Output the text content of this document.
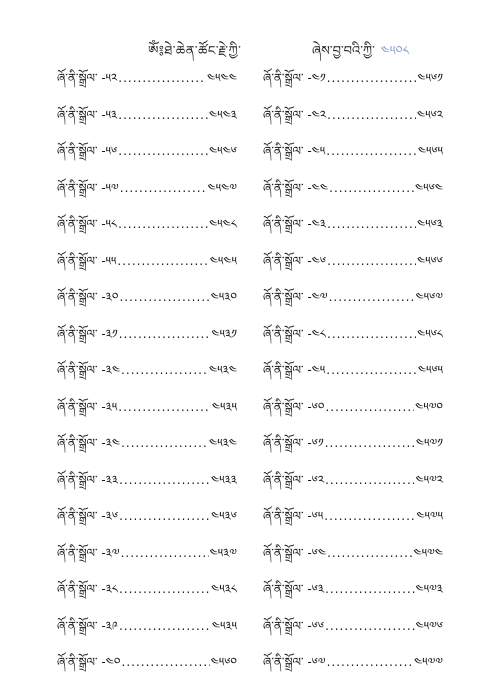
ༀ༔ཐེ་ཆེན་ཚོང་རྗེ་ཀྱི་	ཞེས་བྱ་བའི་ཀྱི་ ༤༥༠༨
ཞོ་ནི་སྒྲོལ་ -༥༢ .....	༤༥༤༤
ཞོ་ནི་སྒྲོལ་ -༥༣ .....	༤༥༤༣
ཞོ་ནི་སྒྲོལ་ -༥༦ .....	༤༥༤༦
ཞོ་ནི་སྒྲོལ་ -༥༧ .....	༤༥༤༧
ཞོ་ནི་སྒྲོལ་ -༥༨ .....	༤༥༤༨
ཞོ་ནི་སྒྲོལ་ -༥༥ .....	༤༥༤༥
ཞོ་ནི་སྒྲོལ་ -༣༠ .....	༤༥༣༠
ཞོ་ནི་སྒྲོལ་ -༣༡ .....	༤༥༣༡
ཞོ་ནི་སྒྲོལ་ -༣༤ .....	༤༥༣༤
ཞོ་ནི་སྒྲོལ་ -༣༥ .....	༤༥༣༥
ཞོ་ནི་སྒྲོལ་ -༣༤ .....	༤༥༣༤
ཞོ་ནི་སྒྲོལ་ -༣༣ .....	༤༥༣༣
ཞོ་ནི་སྒྲོལ་ -༣༦ .....	༤༥༣༦
ཞོ་ནི་སྒྲོལ་ -༣༧ .....	༤༥༣༧
ཞོ་ནི་སྒྲོལ་ -༣༨ .....	༤༥༣༨
ཞོ་ནི་སྒྲོལ་ -༣༩ .....	༤༥༣༥
ཞོ་ནི་སྒྲོལ་ -༤༠ .....	༤༥༦༠
ཞོ་ནི་སྒྲོལ་ -༤༡ .....	༤༥༦༡
ཞོ་ནི་སྒྲོལ་ -༤༢ .....	༤༥༦༢
ཞོ་ནི་སྒྲོལ་ -༤༥ .....	༤༥༦༥
ཞོ་ནི་སྒྲོལ་ -༤༤ .....	༤༥༦༤
ཞོ་ནི་སྒྲོལ་ -༤༣ .....	༤༥༦༣
ཞོ་ནི་སྒྲོལ་ -༤༦ .....	༤༥༦༦
ཞོ་ནི་སྒྲོལ་ -༤༧ .....	༤༥༦༧
ཞོ་ནི་སྒྲོལ་ -༤༨ .....	༤༥༦༨
ཞོ་ནི་སྒྲོལ་ -༤༥ .....	༤༥༦༥
ཞོ་ནི་སྒྲོལ་ -༦༠ .....	༤༥༧༠
ཞོ་ནི་སྒྲོལ་ -༦༡ .....	༤༥༧༡
ཞོ་ནི་སྒྲོལ་ -༦༢ .....	༤༥༧༢
ཞོ་ནི་སྒྲོལ་ -༦༥ .....	༤༥༧༥
ཞོ་ནི་སྒྲོལ་ -༦༤ .....	༤༥༧༤
ཞོ་ནི་སྒྲོལ་ -༦༣ .....	༤༥༧༣
ཞོ་ནི་སྒྲོལ་ -༦༦ .....	༤༥༧༦
ཞོ་ནི་སྒྲོལ་ -༦༧ .....	༤༥༧༧
